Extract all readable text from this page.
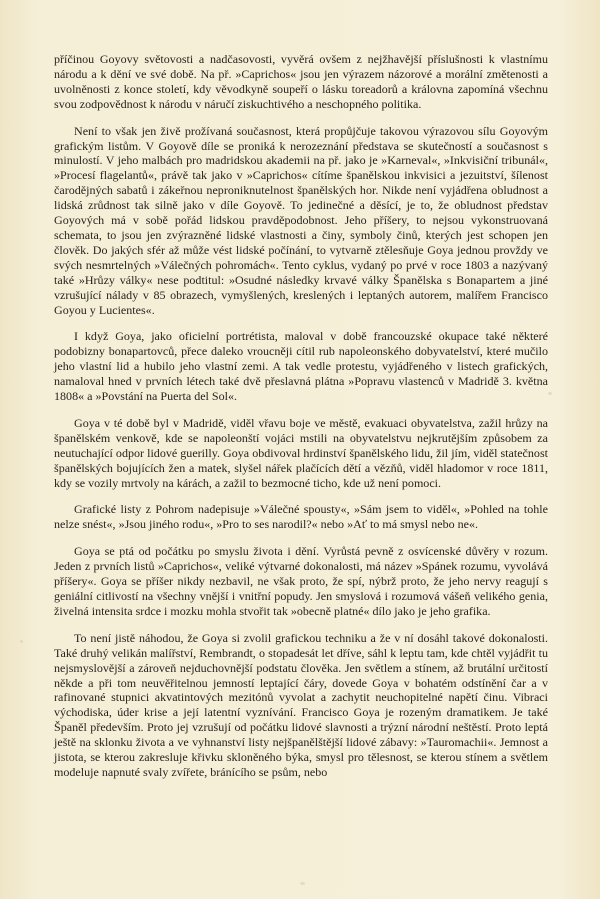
příčinou Goyovy světovosti a nadčasovosti, vyvěrá ovšem z nejžhavější příslušnosti k vlastnímu národu a k dění ve své době. Na př. »Caprichos« jsou jen výrazem názorové a morální změtenosti a uvolněnosti z konce století, kdy věvodkyně soupeří o lásku toreadorů a královna zapomíná všechnu svou zodpovědnost k národu v náručí ziskuchtivého a neschopného politika.

Není to však jen živě prožívaná současnost, která propůjčuje takovou výrazovou sílu Goyovým grafickým listům. V Goyově díle se proniká k nerozeznání představa se skutečností a současnost s minulostí. V jeho malbách pro madridskou akademii na př. jako je »Karneval«, »Inkvisiční tribunál«, »Procesí flagelantů«, právě tak jako v »Caprichos« cítíme španělskou inkvisici a jezuitství, šílenost čarodějných sabatů i zákeřnou neproniknutelnost španělských hor. Nikde není vyjádřena obludnost a lidská zrůdnost tak silně jako v díle Goyově. To jedinečné a děsící, je to, že obludnost představ Goyových má v sobě pořád lidskou pravděpodobnost. Jeho příšery, to nejsou vykonstruovaná schemata, to jsou jen zvýrazněné lidské vlastnosti a činy, symboly činů, kterých jest schopen jen člověk. Do jakých sfér až může vést lidské počínání, to vytvarně ztělesňuje Goya jednou provždy ve svých nesmrtelných »Válečných pohromách«. Tento cyklus, vydaný po prvé v roce 1803 a nazývaný také »Hrůzy války« nese podtitul: »Osudné následky krvavé války Španělska s Bonapartem a jiné vzrušující nálady v 85 obrazech, vymyšlených, kreslených i leptaných autorem, malířem Francisco Goyou y Lucientes«.

I když Goya, jako oficielní portrétista, maloval v době francouzské okupace také některé podobizny bonapartovců, přece daleko vroucněji cítil rub napoleonského dobyvatelství, které mučilo jeho vlastní lid a hubilo jeho vlastní zemi. A tak vedle protestu, vyjádřeného v listech grafických, namaloval hned v prvních létech také dvě přeslavná plátna »Popravu vlastenců v Madridě 3. května 1808« a »Povstání na Puerta del Sol«.

Goya v té době byl v Madridě, viděl vřavu boje ve městě, evakuaci obyvatelstva, zažil hrůzy na španělském venkově, kde se napoleonští vojáci mstili na obyvatelstvu nejkrutějším způsobem za neutuchající odpor lidové guerilly. Goya obdivoval hrdinství španělského lidu, žil jím, viděl statečnost španělských bojujících žen a matek, slyšel nářek plačících dětí a vězňů, viděl hladomor v roce 1811, kdy se vozily mrtvoly na kárách, a zažil to bezmocné ticho, kde už není pomoci.

Grafické listy z Pohrom nadepisuje »Válečné spousty«, »Sám jsem to viděl«, »Pohled na tohle nelze snést«, »Jsou jiného rodu«, »Pro to ses narodil?« nebo »Ať to má smysl nebo ne«.

Goya se ptá od počátku po smyslu života i dění. Vyrůstá pevně z osvícenské důvěry v rozum. Jeden z prvních listů »Caprichos«, veliké výtvarné dokonalosti, má název »Spánek rozumu, vyvolává příšery«. Goya se příšer nikdy nezbavil, ne však proto, že spí, nýbrž proto, že jeho nervy reagují s geniální citlivostí na všechny vnější i vnitřní popudy. Jen smyslová i rozumová vášeň velikého genia, živelná intensita srdce i mozku mohla stvořit tak »obecně platné« dílo jako je jeho grafika.

To není jistě náhodou, že Goya si zvolil grafickou techniku a že v ní dosáhl takové dokonalosti. Také druhý velikán malířství, Rembrandt, o stopadesát let dříve, sáhl k leptu tam, kde chtěl vyjádřit tu nejsmyslovější a zároveň nejduchovnější podstatu člověka. Jen světlem a stínem, až brutální určitostí někde a při tom neuvěřitelnou jemností leptající čáry, dovede Goya v bohatém odstínění čar a v rafinované stupnici akvatintových mezitónů vyvolat a zachytit neuchopitelné napětí činu. Vibraci východiska, úder krise a její latentní vyznívání. Francisco Goya je rozeným dramatikem. Je také Španěl především. Proto jej vzrušují od počátku lidové slavnosti a trýzní národní neštěstí. Proto leptá ještě na sklonku života a ve vyhnanství listy nejšpanělštější lidové zábavy: »Tauromachii«. Jemnost a jistota, se kterou zakresluje křivku skloněného býka, smysl pro tělesnost, se kterou stínem a světlem modeluje napnuté svaly zvířete, bránícího se psům, nebo
